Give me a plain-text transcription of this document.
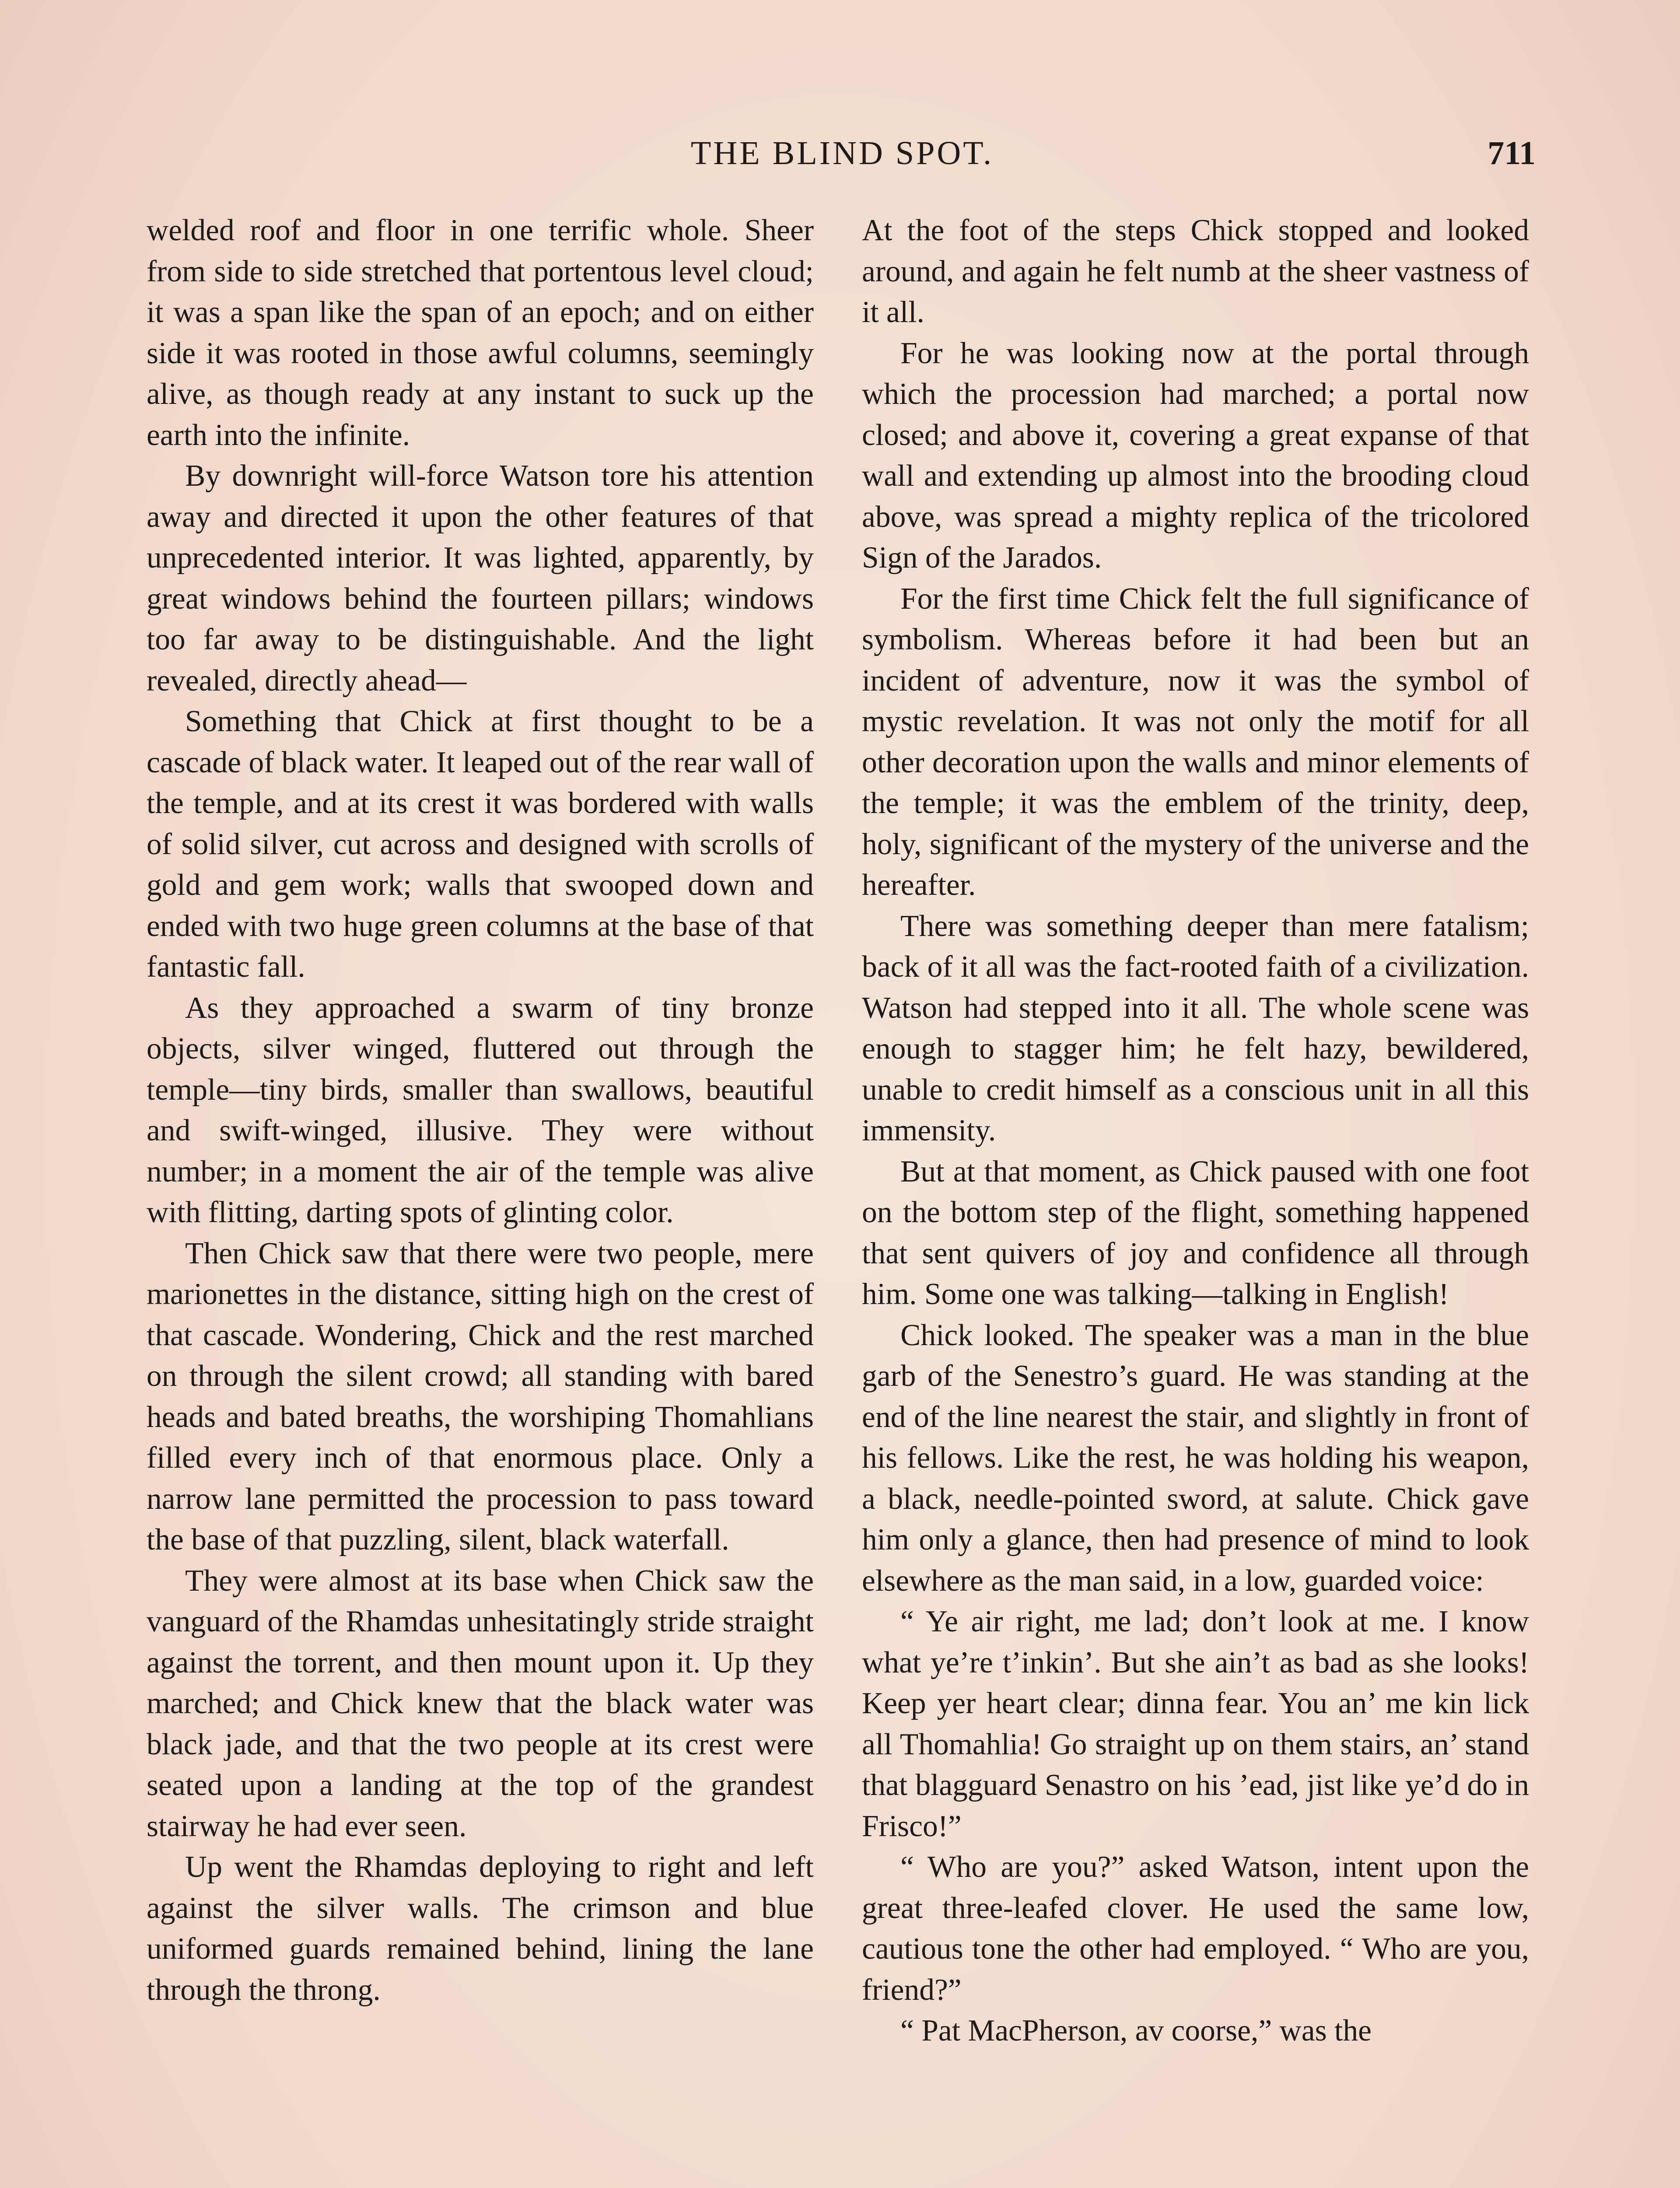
THE BLIND SPOT.	711

welded roof and floor in one terrific whole. Sheer from side to side stretched that portentous level cloud; it was a span like the span of an epoch; and on either side it was rooted in those awful columns, seemingly alive, as though ready at any instant to suck up the earth into the infinite.

By downright will-force Watson tore his attention away and directed it upon the other features of that unprecedented interior. It was lighted, apparently, by great windows behind the fourteen pillars; windows too far away to be distinguishable. And the light revealed, directly ahead—

Something that Chick at first thought to be a cascade of black water. It leaped out of the rear wall of the temple, and at its crest it was bordered with walls of solid silver, cut across and designed with scrolls of gold and gem work; walls that swooped down and ended with two huge green columns at the base of that fantastic fall.

As they approached a swarm of tiny bronze objects, silver winged, fluttered out through the temple—tiny birds, smaller than swallows, beautiful and swift-winged, illusive. They were without number; in a moment the air of the temple was alive with flitting, darting spots of glinting color.

Then Chick saw that there were two people, mere marionettes in the distance, sitting high on the crest of that cascade. Wondering, Chick and the rest marched on through the silent crowd; all standing with bared heads and bated breaths, the worshiping Thomahlians filled every inch of that enormous place. Only a narrow lane permitted the procession to pass toward the base of that puzzling, silent, black waterfall.

They were almost at its base when Chick saw the vanguard of the Rhamdas unhesitatingly stride straight against the torrent, and then mount upon it. Up they marched; and Chick knew that the black water was black jade, and that the two people at its crest were seated upon a landing at the top of the grandest stairway he had ever seen.

Up went the Rhamdas deploying to right and left against the silver walls. The crimson and blue uniformed guards remained behind, lining the lane through the throng.

At the foot of the steps Chick stopped and looked around, and again he felt numb at the sheer vastness of it all.

For he was looking now at the portal through which the procession had marched; a portal now closed; and above it, covering a great expanse of that wall and extending up almost into the brooding cloud above, was spread a mighty replica of the tricolored Sign of the Jarados.

For the first time Chick felt the full significance of symbolism. Whereas before it had been but an incident of adventure, now it was the symbol of mystic revelation. It was not only the motif for all other decoration upon the walls and minor elements of the temple; it was the emblem of the trinity, deep, holy, significant of the mystery of the universe and the hereafter.

There was something deeper than mere fatalism; back of it all was the fact-rooted faith of a civilization. Watson had stepped into it all. The whole scene was enough to stagger him; he felt hazy, bewildered, unable to credit himself as a conscious unit in all this immensity.

But at that moment, as Chick paused with one foot on the bottom step of the flight, something happened that sent quivers of joy and confidence all through him. Some one was talking—talking in English!

Chick looked. The speaker was a man in the blue garb of the Senestro’s guard. He was standing at the end of the line nearest the stair, and slightly in front of his fellows. Like the rest, he was holding his weapon, a black, needle-pointed sword, at salute. Chick gave him only a glance, then had presence of mind to look elsewhere as the man said, in a low, guarded voice:

“ Ye air right, me lad; don’t look at me. I know what ye’re t’inkin’. But she ain’t as bad as she looks! Keep yer heart clear; dinna fear. You an’ me kin lick all Thomahlia! Go straight up on them stairs, an’ stand that blagguard Senastro on his ’ead, jist like ye’d do in Frisco!”

“ Who are you?” asked Watson, intent upon the great three-leafed clover. He used the same low, cautious tone the other had employed. “ Who are you, friend?”

“ Pat MacPherson, av coorse,” was the
